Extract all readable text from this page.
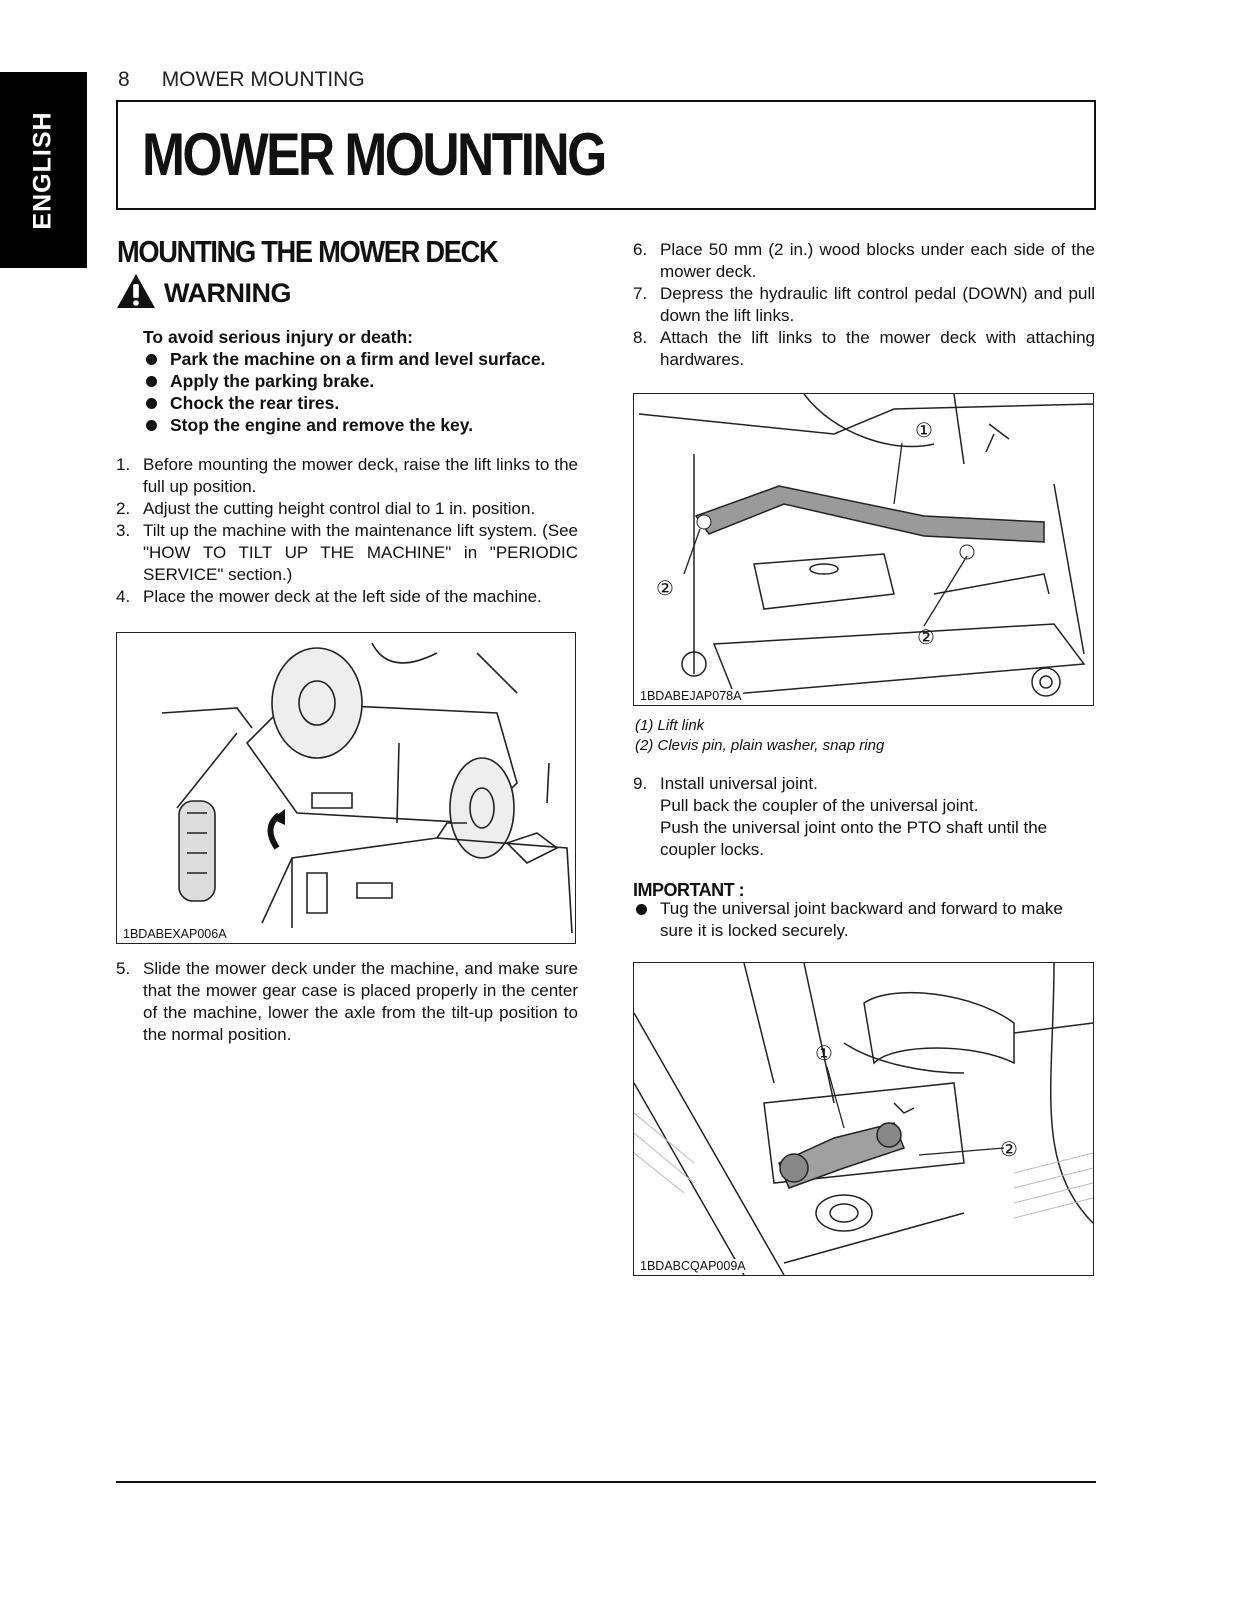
ENGLISH
8 MOWER MOUNTING
MOWER MOUNTING
MOUNTING THE MOWER DECK
WARNING
To avoid serious injury or death:
Park the machine on a firm and level surface.
Apply the parking brake.
Chock the rear tires.
Stop the engine and remove the key.
1. Before mounting the mower deck, raise the lift links to the full up position.
2. Adjust the cutting height control dial to 1 in. position.
3. Tilt up the machine with the maintenance lift system. (See "HOW TO TILT UP THE MACHINE" in "PERIODIC SERVICE" section.)
4. Place the mower deck at the left side of the machine.
1BDABEXAP006A
5. Slide the mower deck under the machine, and make sure that the mower gear case is placed properly in the center of the machine, lower the axle from the tilt-up position to the normal position.
6. Place 50 mm (2 in.) wood blocks under each side of the mower deck.
7. Depress the hydraulic lift control pedal (DOWN) and pull down the lift links.
8. Attach the lift links to the mower deck with attaching hardwares.
①
②
②
1BDABEJAP078A
(1) Lift link
(2) Clevis pin, plain washer, snap ring
9. Install universal joint.
Pull back the coupler of the universal joint.
Push the universal joint onto the PTO shaft until the coupler locks.
IMPORTANT :
Tug the universal joint backward and forward to make sure it is locked securely.
①
②
1BDABCQAP009A
